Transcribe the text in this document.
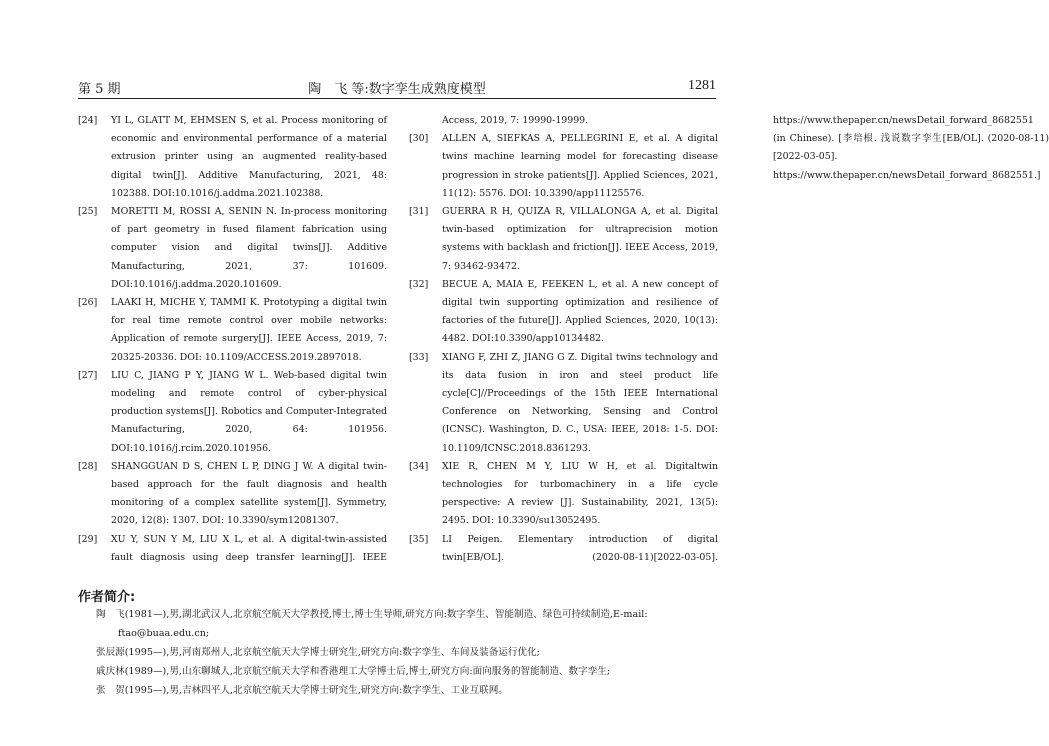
第 5 期	陶　飞 等:数字孪生成熟度模型	1281

[24] YI L, GLATT M, EHMSEN S, et al. Process monitoring of economic and environmental performance of a material extrusion printer using an augmented reality-based digital twin[J]. Additive Manufacturing, 2021, 48: 102388. DOI:10.1016/j.addma.2021.102388.

[25] MORETTI M, ROSSI A, SENIN N. In-process monitoring of part geometry in fused filament fabrication using computer vision and digital twins[J]. Additive Manufacturing, 2021, 37: 101609. DOI:10.1016/j.addma.2020.101609.

[26] LAAKI H, MICHE Y, TAMMI K. Prototyping a digital twin for real time remote control over mobile networks: Application of remote surgery[J]. IEEE Access, 2019, 7: 20325-20336. DOI: 10.1109/ACCESS.2019.2897018.

[27] LIU C, JIANG P Y, JIANG W L. Web-based digital twin modeling and remote control of cyber-physical production systems[J]. Robotics and Computer-Integrated Manufacturing, 2020, 64: 101956. DOI:10.1016/j.rcim.2020.101956.

[28] SHANGGUAN D S, CHEN L P, DING J W. A digital twin-based approach for the fault diagnosis and health monitoring of a complex satellite system[J]. Symmetry, 2020, 12(8): 1307. DOI: 10.3390/sym12081307.

[29] XU Y, SUN Y M, LIU X L, et al. A digital-twin-assisted fault diagnosis using deep transfer learning[J]. IEEE Access, 2019, 7: 19990-19999.

[30] ALLEN A, SIEFKAS A, PELLEGRINI E, et al. A digital twins machine learning model for forecasting disease progression in stroke patients[J]. Applied Sciences, 2021, 11(12): 5576. DOI: 10.3390/app11125576.

[31] GUERRA R H, QUIZA R, VILLALONGA A, et al. Digital twin-based optimization for ultraprecision motion systems with backlash and friction[J]. IEEE Access, 2019, 7: 93462-93472.

[32] BECUE A, MAIA E, FEEKEN L, et al. A new concept of digital twin supporting optimization and resilience of factories of the future[J]. Applied Sciences, 2020, 10(13): 4482. DOI:10.3390/app10134482.

[33] XIANG F, ZHI Z, JIANG G Z. Digital twins technology and its data fusion in iron and steel product life cycle[C]//Proceedings of the 15th IEEE International Conference on Networking, Sensing and Control (ICNSC). Washington, D. C., USA: IEEE, 2018: 1-5. DOI: 10.1109/ICNSC.2018.8361293.

[34] XIE R, CHEN M Y, LIU W H, et al. Digitaltwin technologies for turbomachinery in a life cycle perspective: A review [J]. Sustainability, 2021, 13(5): 2495. DOI: 10.3390/su13052495.

[35] LI Peigen. Elementary introduction of digital twin[EB/OL]. (2020-08-11)[2022-03-05]. https://www.thepaper.cn/newsDetail_forward_8682551 (in Chinese). [李培根. 浅说数字孪生[EB/OL]. (2020-08-11)[2022-03-05]. https://www.thepaper.cn/newsDetail_forward_8682551.]

作者简介:

陶　飞(1981—),男,湖北武汉人,北京航空航天大学教授,博士,博士生导师,研究方向:数字孪生、智能制造、绿色可持续制造,E-mail:
ftao@buaa.edu.cn;

张辰源(1995—),男,河南郑州人,北京航空航天大学博士研究生,研究方向:数字孪生、车间及装备运行优化;

戚庆林(1989—),男,山东聊城人,北京航空航天大学和香港理工大学博士后,博士,研究方向:面向服务的智能制造、数字孪生;

张　贺(1995—),男,吉林四平人,北京航空航天大学博士研究生,研究方向:数字孪生、工业互联网。
